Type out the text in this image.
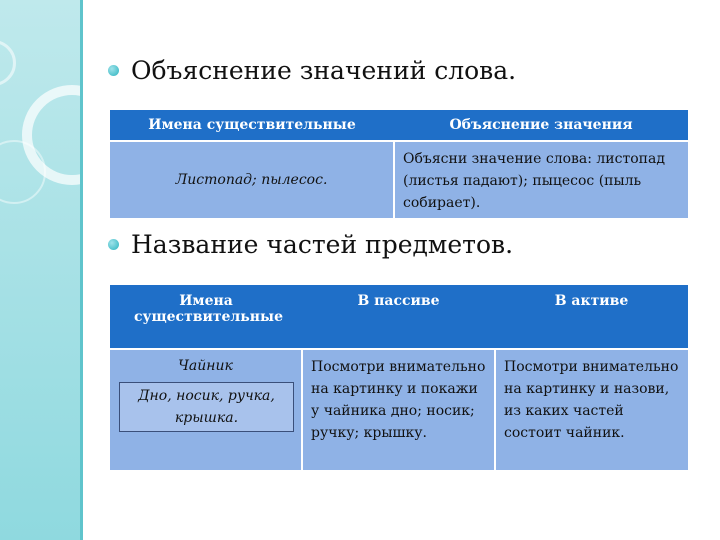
Объяснение значений слова.
Имена существительные	Объяснение значения
Листопад; пылесос.	Объясни значение слова: листопад (листья падают); пыцесос (пыль собирает).
Название частей предметов.
Имена существительные	В пассиве	В активе

Чайник
Дно, носик, ручка, крышка.	Посмотри внимательно на картинку и покажи у чайника дно; носик; ручку; крышку.	Посмотри внимательно на картинку и назови, из каких частей состоит чайник.
